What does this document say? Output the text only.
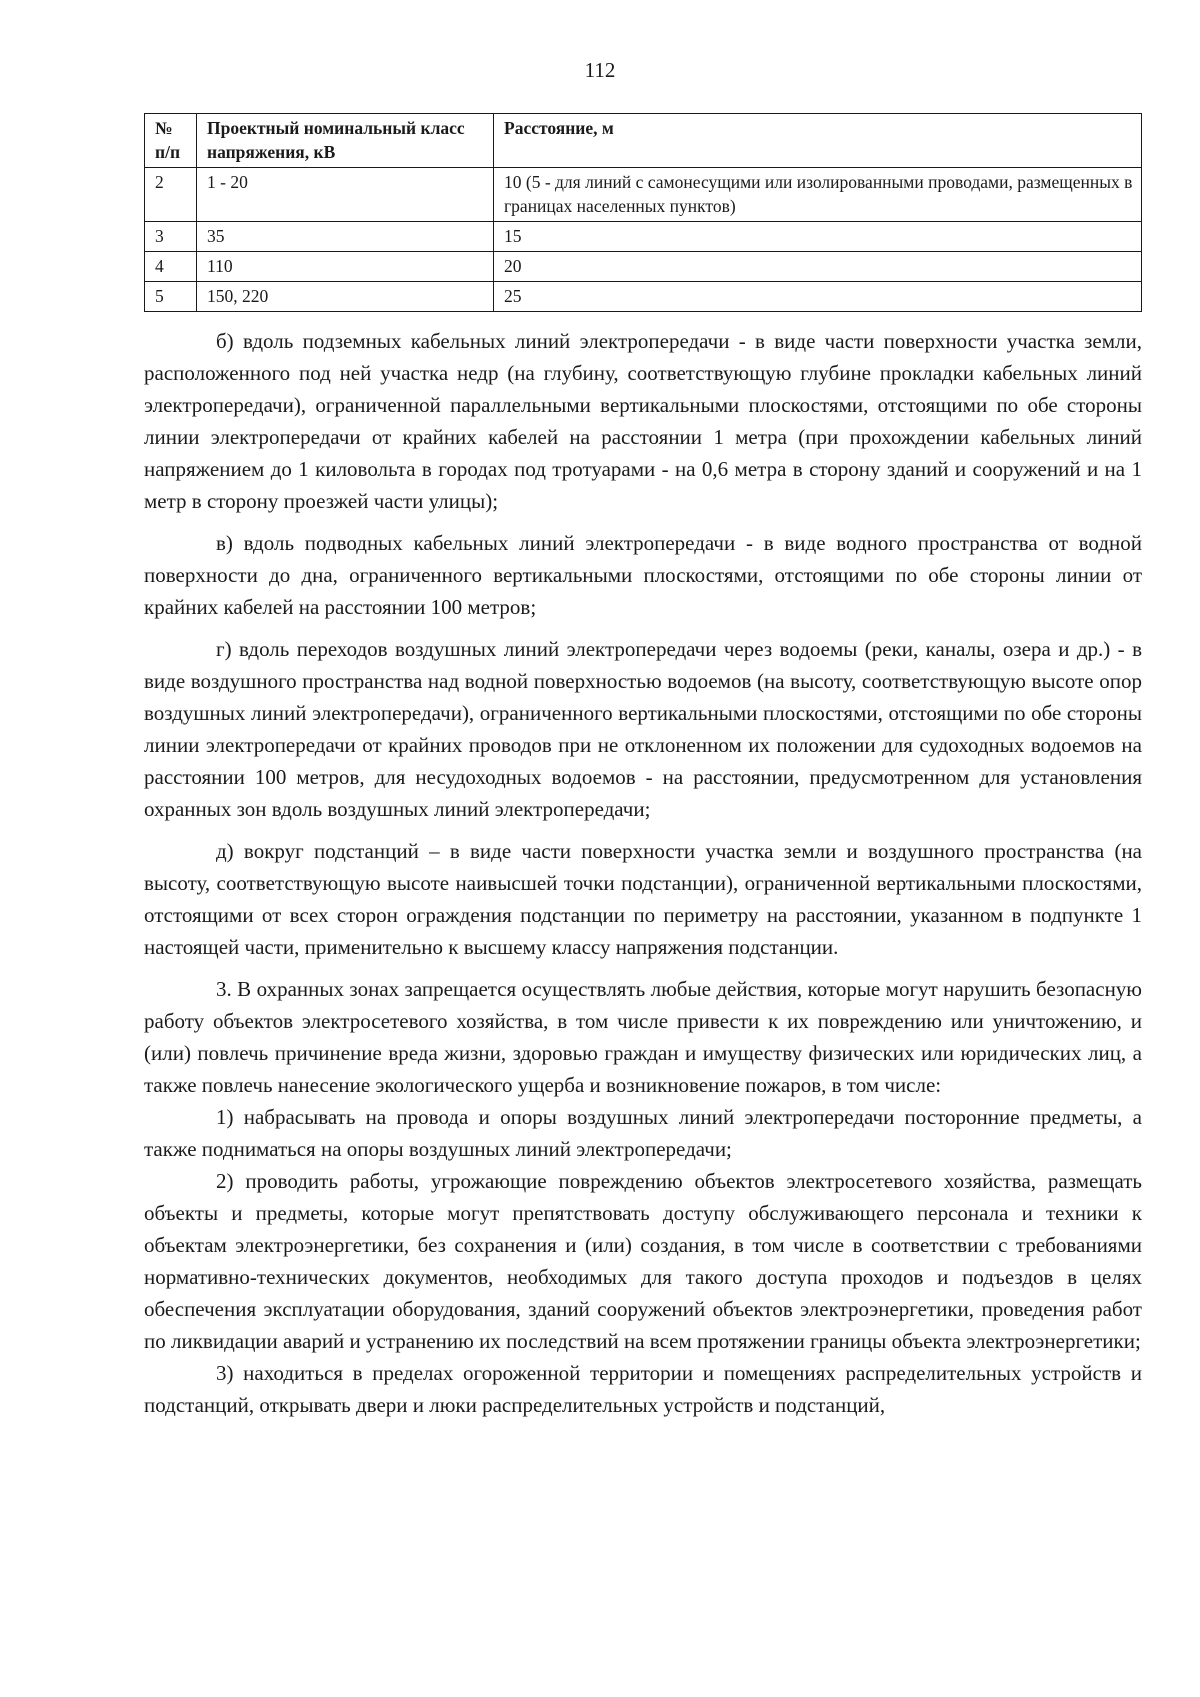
112
№ п/п	Проектный номинальный класс напряжения, кВ	Расстояние, м
2	1 - 20	10 (5 - для линий с самонесущими или изолированными проводами, размещенных в границах населенных пунктов)
3	35	15
4	110	20
5	150, 220	25

б) вдоль подземных кабельных линий электропередачи - в виде части поверхности участка земли, расположенного под ней участка недр (на глубину, соответствующую глубине прокладки кабельных линий электропередачи), ограниченной параллельными вертикальными плоскостями, отстоящими по обе стороны линии электропередачи от крайних кабелей на расстоянии 1 метра (при прохождении кабельных линий напряжением до 1 киловольта в городах под тротуарами - на 0,6 метра в сторону зданий и сооружений и на 1 метр в сторону проезжей части улицы);

в) вдоль подводных кабельных линий электропередачи - в виде водного пространства от водной поверхности до дна, ограниченного вертикальными плоскостями, отстоящими по обе стороны линии от крайних кабелей на расстоянии 100 метров;

г) вдоль переходов воздушных линий электропередачи через водоемы (реки, каналы, озера и др.) - в виде воздушного пространства над водной поверхностью водоемов (на высоту, соответствующую высоте опор воздушных линий электропередачи), ограниченного вертикальными плоскостями, отстоящими по обе стороны линии электропередачи от крайних проводов при не отклоненном их положении для судоходных водоемов на расстоянии 100 метров, для несудоходных водоемов - на расстоянии, предусмотренном для установления охранных зон вдоль воздушных линий электропередачи;

д) вокруг подстанций – в виде части поверхности участка земли и воздушного пространства (на высоту, соответствующую высоте наивысшей точки подстанции), ограниченной вертикальными плоскостями, отстоящими от всех сторон ограждения подстанции по периметру на расстоянии, указанном в подпункте 1 настоящей части, применительно к высшему классу напряжения подстанции.

3. В охранных зонах запрещается осуществлять любые действия, которые могут нарушить безопасную работу объектов электросетевого хозяйства, в том числе привести к их повреждению или уничтожению, и (или) повлечь причинение вреда жизни, здоровью граждан и имуществу физических или юридических лиц, а также повлечь нанесение экологического ущерба и возникновение пожаров, в том числе:

1) набрасывать на провода и опоры воздушных линий электропередачи посторонние предметы, а также подниматься на опоры воздушных линий электропередачи;

2) проводить работы, угрожающие повреждению объектов электросетевого хозяйства, размещать объекты и предметы, которые могут препятствовать доступу обслуживающего персонала и техники к объектам электроэнергетики, без сохранения и (или) создания, в том числе в соответствии с требованиями нормативно-технических документов, необходимых для такого доступа проходов и подъездов в целях обеспечения эксплуатации оборудования, зданий сооружений объектов электроэнергетики, проведения работ по ликвидации аварий и устранению их последствий на всем протяжении границы объекта электроэнергетики;

3) находиться в пределах огороженной территории и помещениях распределительных устройств и подстанций, открывать двери и люки распределительных устройств и подстанций,
